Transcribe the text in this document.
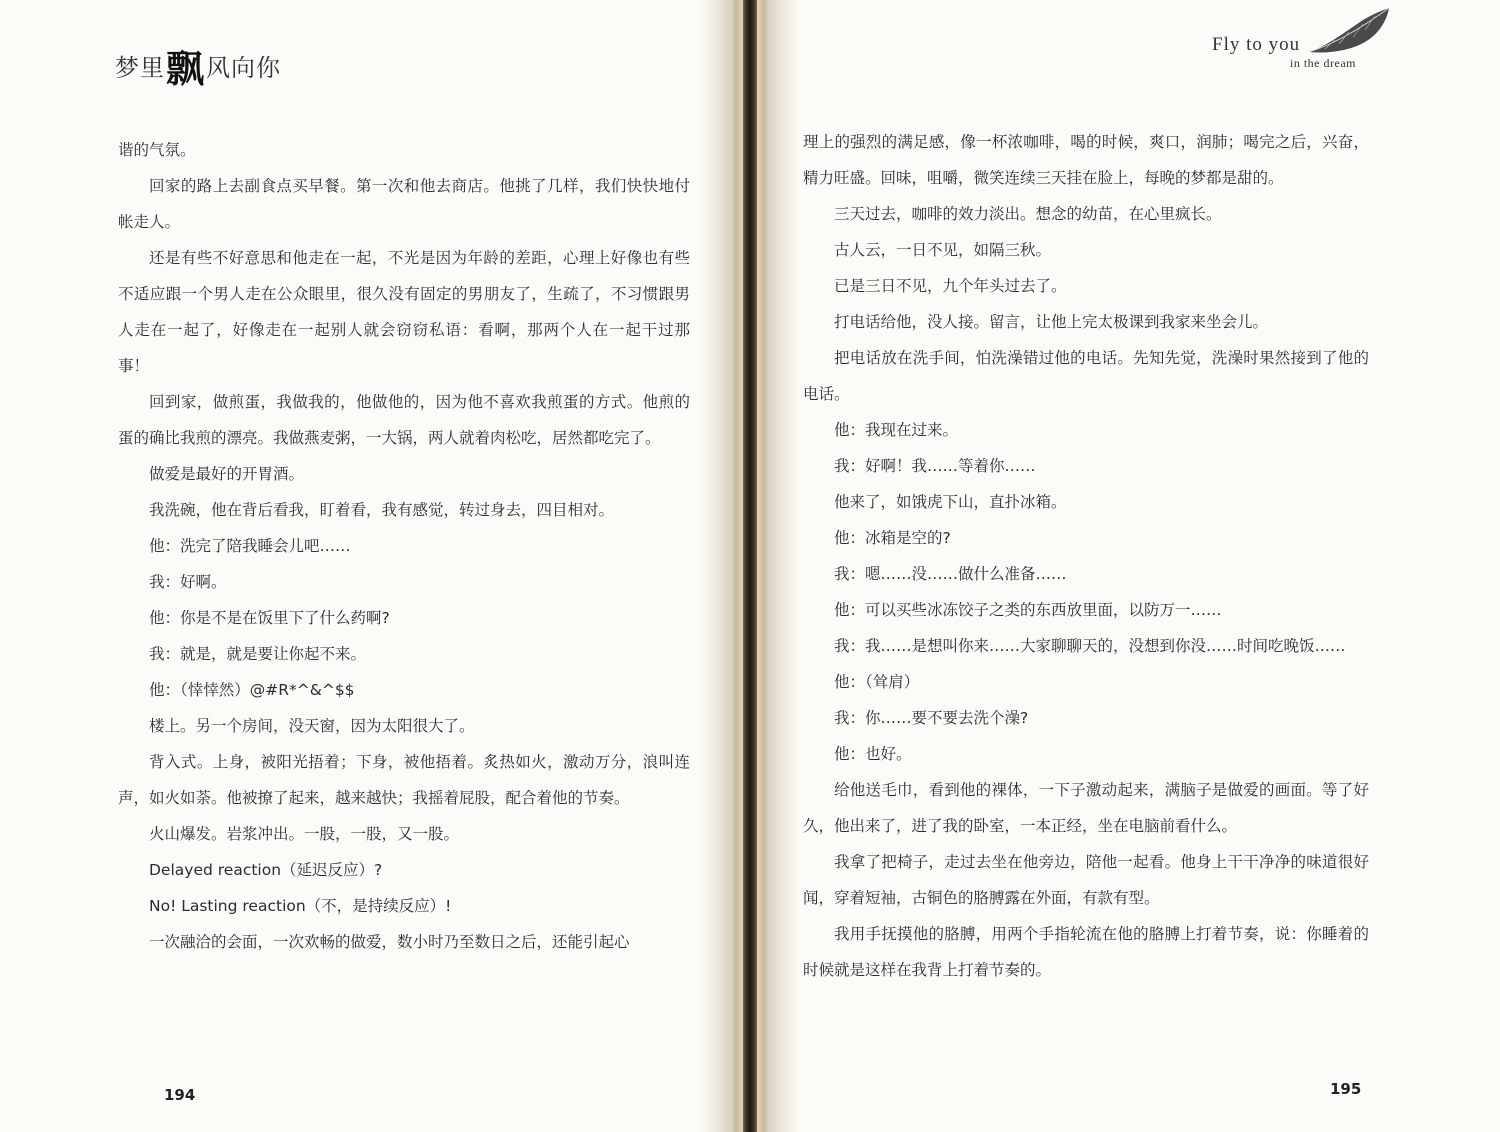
梦里飘风向你

谐的气氛。

回家的路上去副食点买早餐。第一次和他去商店。他挑了几样，我们快快地付帐走人。

还是有些不好意思和他走在一起，不光是因为年龄的差距，心理上好像也有些不适应跟一个男人走在公众眼里，很久没有固定的男朋友了，生疏了，不习惯跟男人走在一起了，好像走在一起别人就会窃窃私语：看啊，那两个人在一起干过那事！

回到家，做煎蛋，我做我的，他做他的，因为他不喜欢我煎蛋的方式。他煎的蛋的确比我煎的漂亮。我做燕麦粥，一大锅，两人就着肉松吃，居然都吃完了。

做爱是最好的开胃酒。

我洗碗，他在背后看我，盯着看，我有感觉，转过身去，四目相对。

他：洗完了陪我睡会儿吧……

我：好啊。

他：你是不是在饭里下了什么药啊?

我：就是，就是要让你起不来。

他：（悻悻然）@#R*^&^$$

楼上。另一个房间，没天窗，因为太阳很大了。

背入式。上身，被阳光捂着；下身，被他捂着。炙热如火，激动万分，浪叫连声，如火如荼。他被撩了起来，越来越快；我摇着屁股，配合着他的节奏。

火山爆发。岩浆冲出。一股，一股，又一股。

Delayed reaction（延迟反应）?

No! Lasting reaction（不，是持续反应）!

一次融洽的会面，一次欢畅的做爱，数小时乃至数日之后，还能引起心

194
Fly to you
in the dream

理上的强烈的满足感，像一杯浓咖啡，喝的时候，爽口，润肺；喝完之后，兴奋，精力旺盛。回味，咀嚼，微笑连续三天挂在脸上，每晚的梦都是甜的。

三天过去，咖啡的效力淡出。想念的幼苗，在心里疯长。

古人云，一日不见，如隔三秋。

已是三日不见，九个年头过去了。

打电话给他，没人接。留言，让他上完太极课到我家来坐会儿。

把电话放在洗手间，怕洗澡错过他的电话。先知先觉，洗澡时果然接到了他的电话。

他：我现在过来。

我：好啊！我……等着你……

他来了，如饿虎下山，直扑冰箱。

他：冰箱是空的?

我：嗯……没……做什么准备……

他：可以买些冰冻饺子之类的东西放里面，以防万一……

我：我……是想叫你来……大家聊聊天的，没想到你没……时间吃晚饭……

他：（耸肩）

我：你……要不要去洗个澡?

他：也好。

给他送毛巾，看到他的裸体，一下子激动起来，满脑子是做爱的画面。等了好久，他出来了，进了我的卧室，一本正经，坐在电脑前看什么。

我拿了把椅子，走过去坐在他旁边，陪他一起看。他身上干干净净的味道很好闻，穿着短袖，古铜色的胳膊露在外面，有款有型。

我用手抚摸他的胳膊，用两个手指轮流在他的胳膊上打着节奏，说：你睡着的时候就是这样在我背上打着节奏的。

195
